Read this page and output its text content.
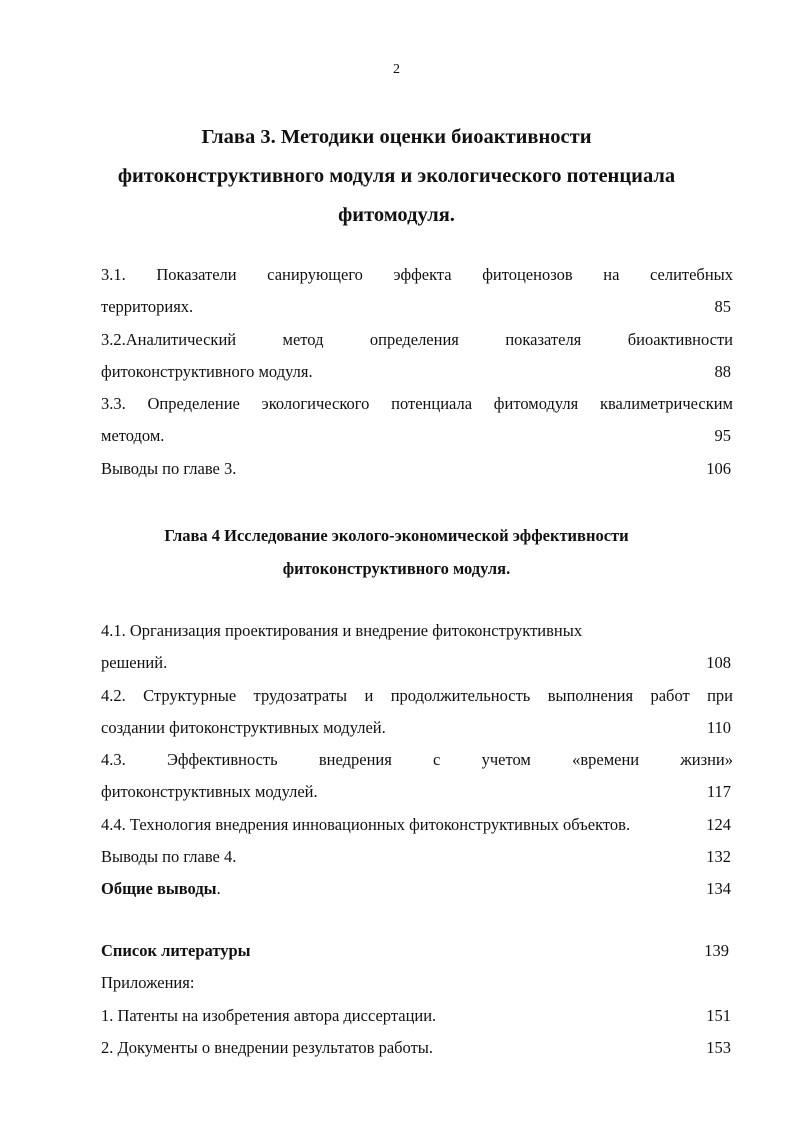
2
Глава 3. Методики оценки биоактивности
фитоконструктивного модуля и экологического потенциала
фитомодуля.
3.1. Показатели санирующего эффекта фитоценозов на селитебных
территориях.	85
3.2.Аналитический метод определения показателя биоактивности
фитоконструктивного модуля.	88
3.3. Определение экологического потенциала фитомодуля квалиметрическим
методом.	95
Выводы по главе 3.	106
Глава 4 Исследование эколого-экономической эффективности
фитоконструктивного модуля.
4.1. Организация проектирования и внедрение фитоконструктивных
решений.	108
4.2. Структурные трудозатраты и продолжительность выполнения работ при
создании фитоконструктивных модулей.	110
4.3. Эффективность внедрения с учетом «времени жизни»
фитоконструктивных модулей.	117
4.4. Технология внедрения инновационных фитоконструктивных объектов.	124
Выводы по главе 4.	132
Общие выводы.	134
Список литературы	139
Приложения:
1. Патенты на изобретения автора диссертации.	151
2. Документы о внедрении результатов работы.	153
